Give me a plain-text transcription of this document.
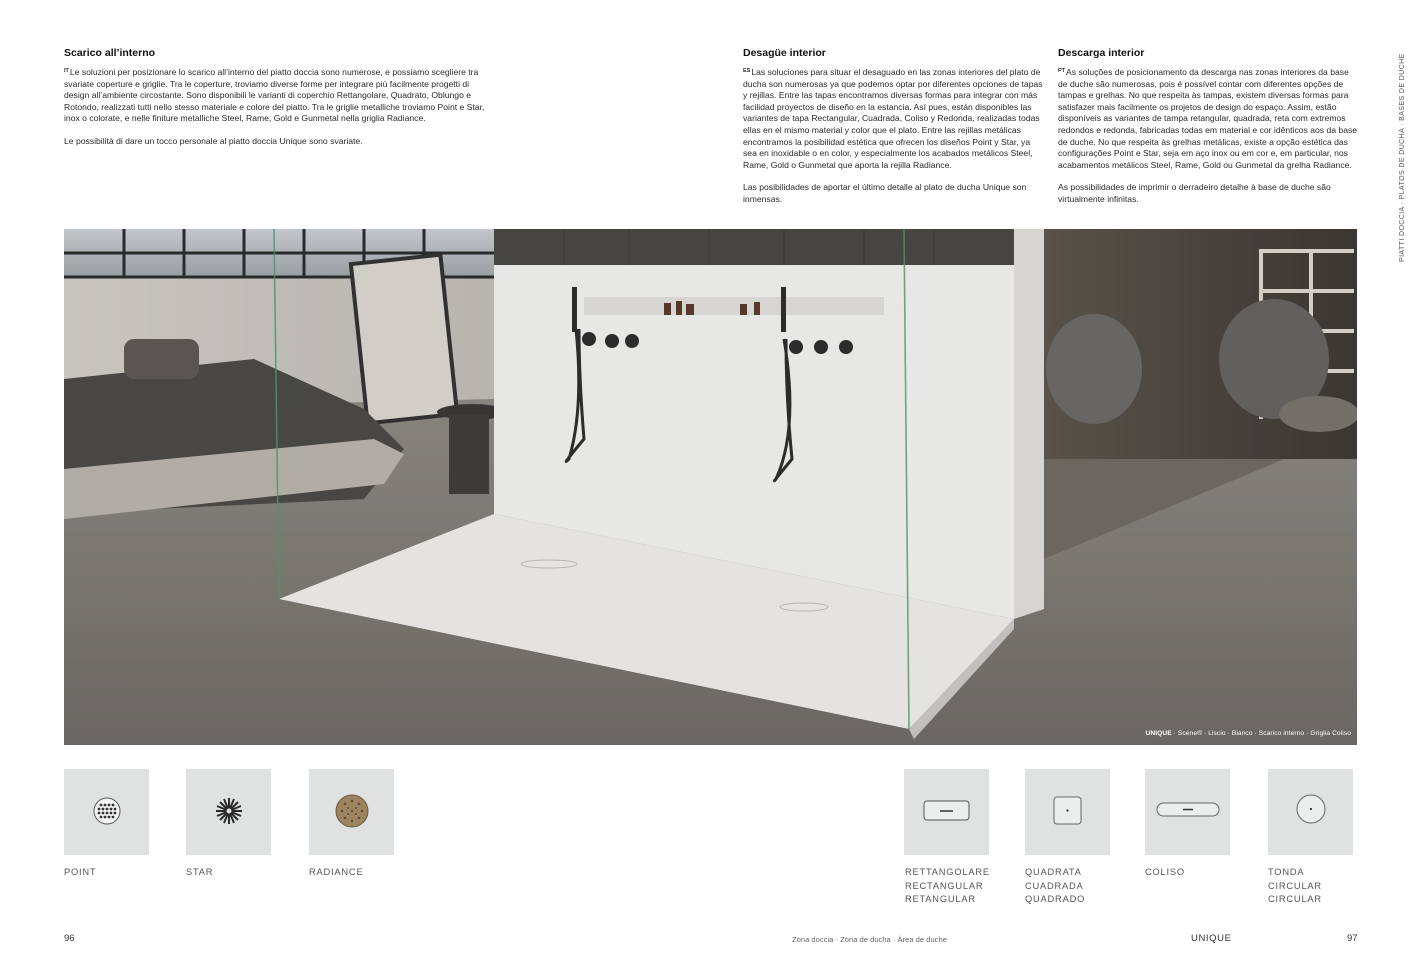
Scarico all’interno

$^{IT}$Le soluzioni per posizionare lo scarico all’interno del piatto doccia sono numerose, e possiamo scegliere tra svariate coperture e griglie. Tra le coperture, troviamo diverse forme per integrare più facilmente progetti di design all’ambiente circostante. Sono disponibili le varianti di coperchio Rettangolare, Quadrato, Oblungo e Rotondo, realizzati tutti nello stesso materiale e colore del piatto. Tra le griglie metalliche troviamo Point e Star, inox o colorate, e nelle finiture metalliche Steel, Rame, Gold e Gunmetal nella griglia Radiance.

Le possibilità di dare un tocco personale al piatto doccia Unique sono svariate.

Desagüe interior

$^{ES}$Las soluciones para situar el desaguado en las zonas interiores del plato de ducha son numerosas ya que podemos optar por diferentes opciones de tapas y rejillas. Entre las tapas encontramos diversas formas para integrar con más facilidad proyectos de diseño en la estancia. Así pues, están disponibles las variantes de tapa Rectangular, Cuadrada, Coliso y Redonda, realizadas todas ellas en el mismo material y color que el plato. Entre las rejillas metálicas encontramos la posibilidad estética que ofrecen los diseños Point y Star, ya sea en inoxidable o en color, y especialmente los acabados metálicos Steel, Rame, Gold o Gunmetal que aporta la rejilla Radiance.

Las posibilidades de aportar el último detalle al plato de ducha Unique son inmensas.

Descarga interior

$^{PT}$As soluções de posicionamento da descarga nas zonas interiores da base de duche são numerosas, pois é possível contar com diferentes opções de tampas e grelhas. No que respeita às tampas, existem diversas formas para satisfazer mais facilmente os projetos de design do espaço. Assim, estão disponíveis as variantes de tampa retangular, quadrada, reta com extremos redondos e redonda, fabricadas todas em material e cor idênticos aos da base de duche. No que respeita às grelhas metálicas, existe a opção estética das configurações Point e Star, seja em aço inox ou em cor e, em particular, nos acabamentos metálicos Steel, Rame, Gold ou Gunmetal da grelha Radiance.

As possibilidades de imprimir o derradeiro detalhe à base de duche são virtualmente infinitas.	PIATTI DOCCIA · PLATOS DE DUCHA · BASES DE DUCHE
UNIQUE · Scene® · Liscio · Bianco · Scarico interno · Griglia Coliso
POINT	STAR	RADIANCE	RETTANGOLARE
RECTANGULAR
RETANGULAR
QUADRATA
CUADRADA
QUADRADO
COLISO	TONDA
CIRCULAR
CIRCULAR
96	Zona doccia · Zona de ducha · Área de duche	UNIQUE	97
